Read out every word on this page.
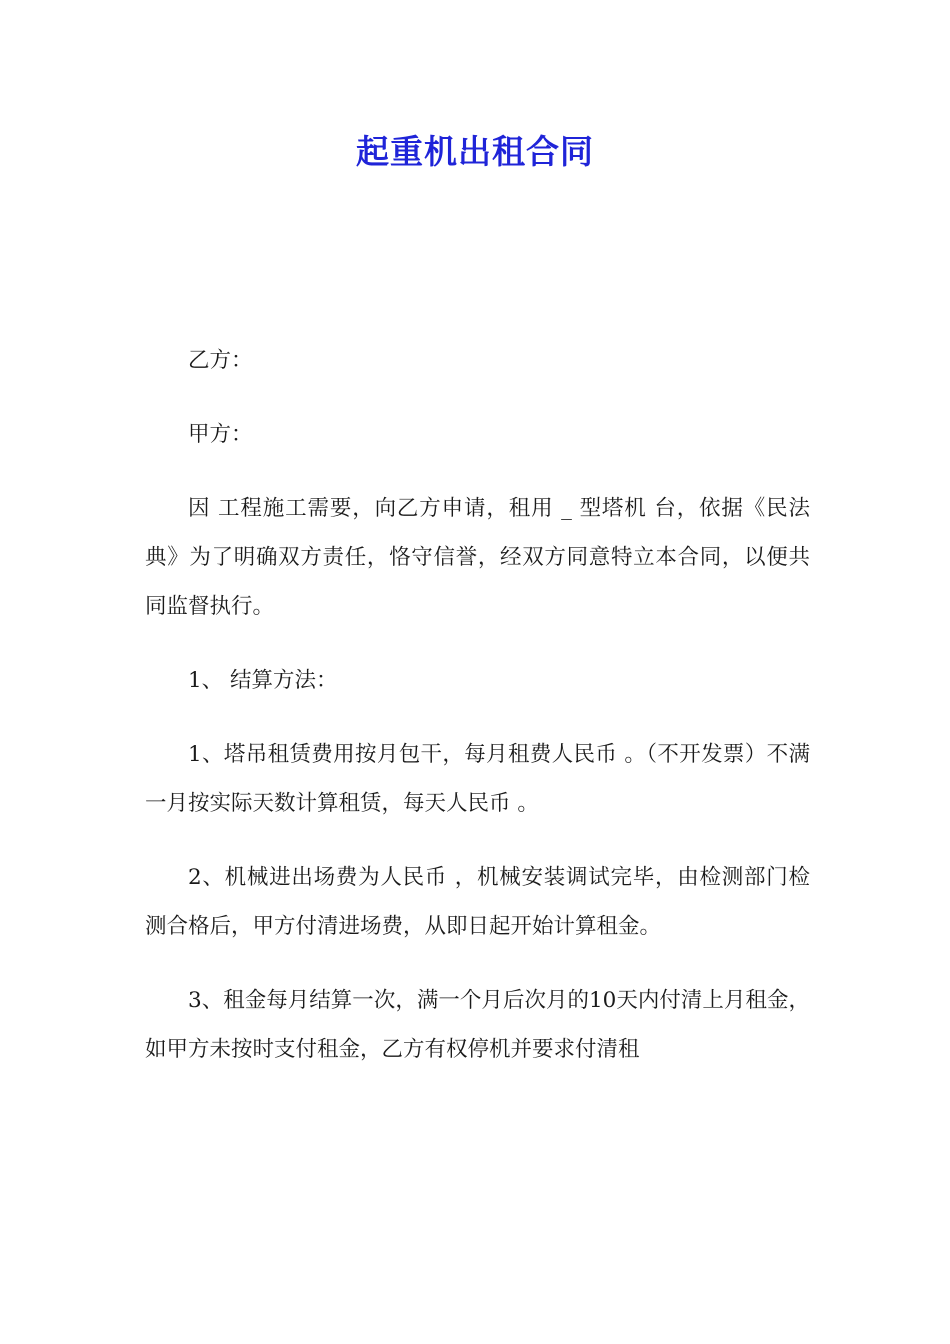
起重机出租合同

乙方：

甲方：

因 工程施工需要，向乙方申请，租用 _ 型塔机 台，依据《民法典》为了明确双方责任，恪守信誉，经双方同意特立本合同，以便共同监督执行。

1、 结算方法：

1、塔吊租赁费用按月包干，每月租费人民币 。（不开发票）不满一月按实际天数计算租赁，每天人民币 。

2、机械进出场费为人民币 ，机械安装调试完毕，由检测部门检测合格后，甲方付清进场费，从即日起开始计算租金。

3、租金每月结算一次，满一个月后次月的10天内付清上月租金，如甲方未按时支付租金，乙方有权停机并要求付清租
